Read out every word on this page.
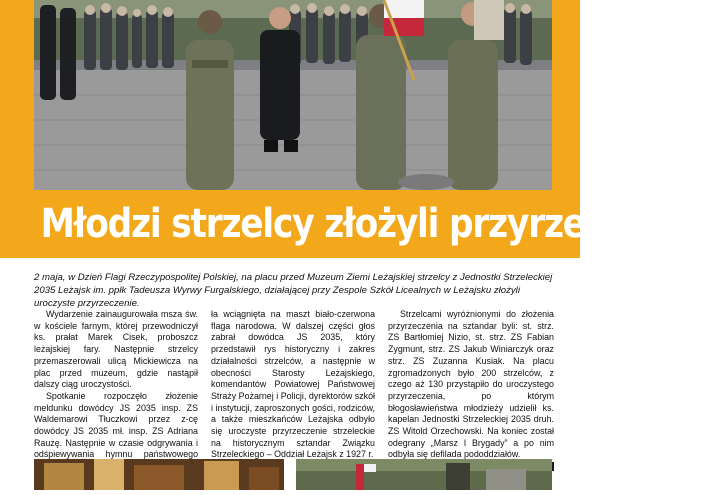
Młodzi strzelcy złożyli przyrzeczenie

2 maja, w Dzień Flagi Rzeczypospolitej Polskiej, na placu przed Muzeum Ziemi Leżajskiej strzelcy z Jednostki Strzeleckiej 2035 Leżajsk im. ppłk Tadeusza Wyrwy Furgalskiego, działającej przy Zespole Szkół Licealnych w Leżajsku złożyli uroczyste przyrzeczenie.

Wydarzenie zainaugurowała msza św. w kościele farnym, której przewodniczył ks. prałat Marek Cisek, proboszcz leżajskiej fary. Następnie strzelcy przemaszerowali ulicą Mickiewicza na plac przed muzeum, gdzie nastąpił dalszy ciąg uroczystości.

Spotkanie rozpoczęło złożenie meldunku dowódcy JS 2035 insp. ZS Waldemarowi Tłuczkowi przez z-cę dowódcy JS 2035 mł. insp. ZS Adriana Rauzę. Następnie w czasie odgrywania i odśpiewywania hymnu państwowego

ła wciągnięta na maszt biało-czerwona flaga narodowa. W dalszej części głos zabrał dowódca JS 2035, który przedstawił rys historyczny i zakres działalności strzelców, a następnie w obecności Starosty Leżajskiego, komendantów Powiatowej Państwowej Straży Pożarnej i Policji, dyrektorów szkół i instytucji, zaproszonych gości, rodziców, a także mieszkańców Leżajska odbyło się uroczyste przyrzeczenie strzeleckie na historycznym sztandar Związku Strzeleckiego – Oddział Leżajsk z 1927 r.

Strzelcami wyróżnionymi do złożenia przyrzeczenia na sztandar byli: st. strz. ZS Bartłomiej Nizio, st. strz. ZS Fabian Zygmunt, strz. ZS Jakub Winiarczyk oraz strz. ZS Zuzanna Kusiak. Na placu zgromadzonych było 200 strzelców, z czego aż 130 przystąpiło do uroczystego przyrzeczenia, po którym błogosławieństwa młodzieży udzielił ks. kapelan Jednostki Strzeleckiej 2035 druh. ZS Witold Orzechowski. Na koniec został odegrany „Marsz I Brygady” a po nim odbyła się defilada pododdziałów.
